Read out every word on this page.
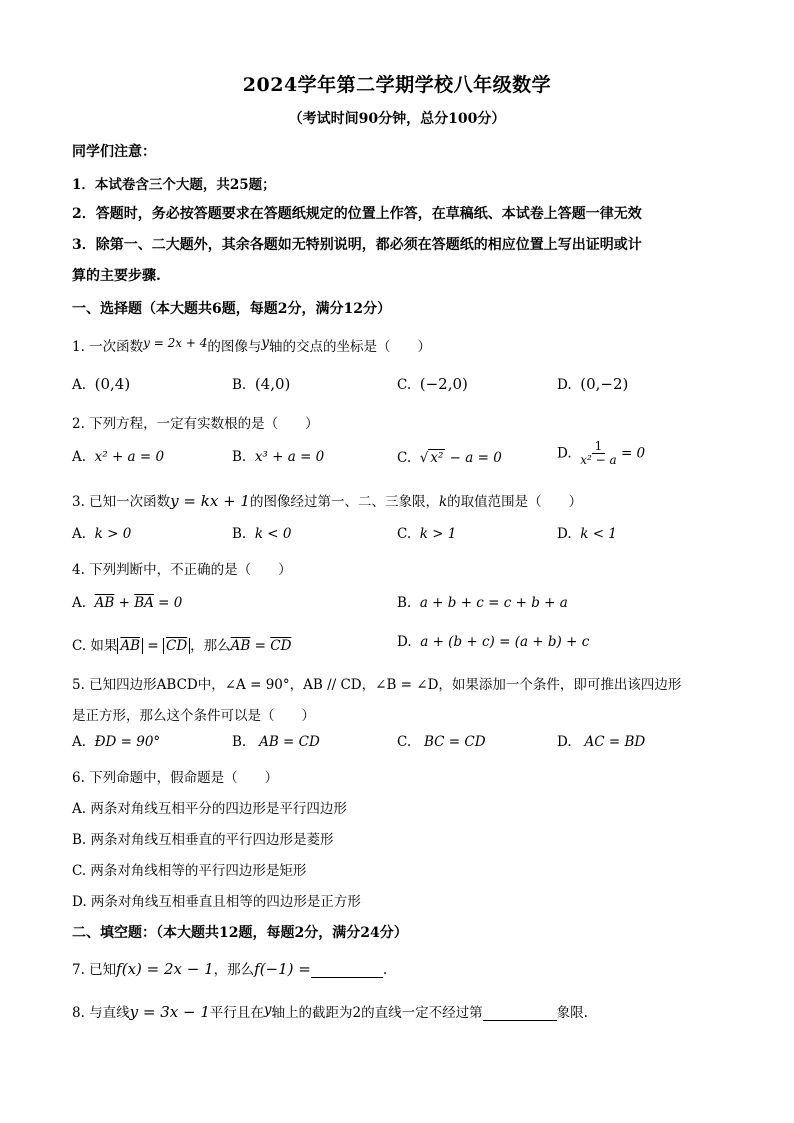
2024学年第二学期学校八年级数学
（考试时间90分钟，总分100分）
同学们注意：
1．本试卷含三个大题，共25题；
2．答题时，务必按答题要求在答题纸规定的位置上作答，在草稿纸、本试卷上答题一律无效
3．除第一、二大题外，其余各题如无特别说明，都必须在答题纸的相应位置上写出证明或计
算的主要步骤.
一、选择题（本大题共6题，每题2分，满分12分）
1. 一次函数y = 2x + 4的图像与y轴的交点的坐标是（　　）
A. (0,4)	B. (4,0)	C. (−2,0)	D. (0,−2)
2. 下列方程，一定有实数根的是（　　）
A. x² + a = 0	B. x³ + a = 0	C. √ x² − a = 0	D. $\frac{1}{\text{x² − a}} = 0$
3. 已知一次函数y = kx + 1的图像经过第一、二、三象限，k的取值范围是（　　）
A. k > 0	B. k < 0	C. k > 1	D. k < 1
4. 下列判断中，不正确的是（　　）
A. $\overline{AB} + \overline{BA} = 0$	B. a + b + c = c + b + a
C. 如果 $\overline{AB} = \overline{CD}$ ，那么$\overline{AB} = \overline{CD}$	D. a + (b + c) = (a + b) + c
5. 已知四边形ABCD中，∠A = 90°，AB // CD，∠B = ∠D，如果添加一个条件，即可推出该四边形
是正方形，那么这个条件可以是（　　）
A. ÐD = 90°	B. AB = CD	C. BC = CD	D. AC = BD
6. 下列命题中，假命题是（　　）
A. 两条对角线互相平分的四边形是平行四边形
B. 两条对角线互相垂直的平行四边形是菱形
C. 两条对角线相等的平行四边形是矩形
D. 两条对角线互相垂直且相等的四边形是正方形
二、填空题：（本大题共12题，每题2分，满分24分）
7. 已知f(x) = 2x − 1，那么f(−1) =	.
8. 与直线y = 3x − 1平行且在y轴上的截距为2的直线一定不经过第	象限.
